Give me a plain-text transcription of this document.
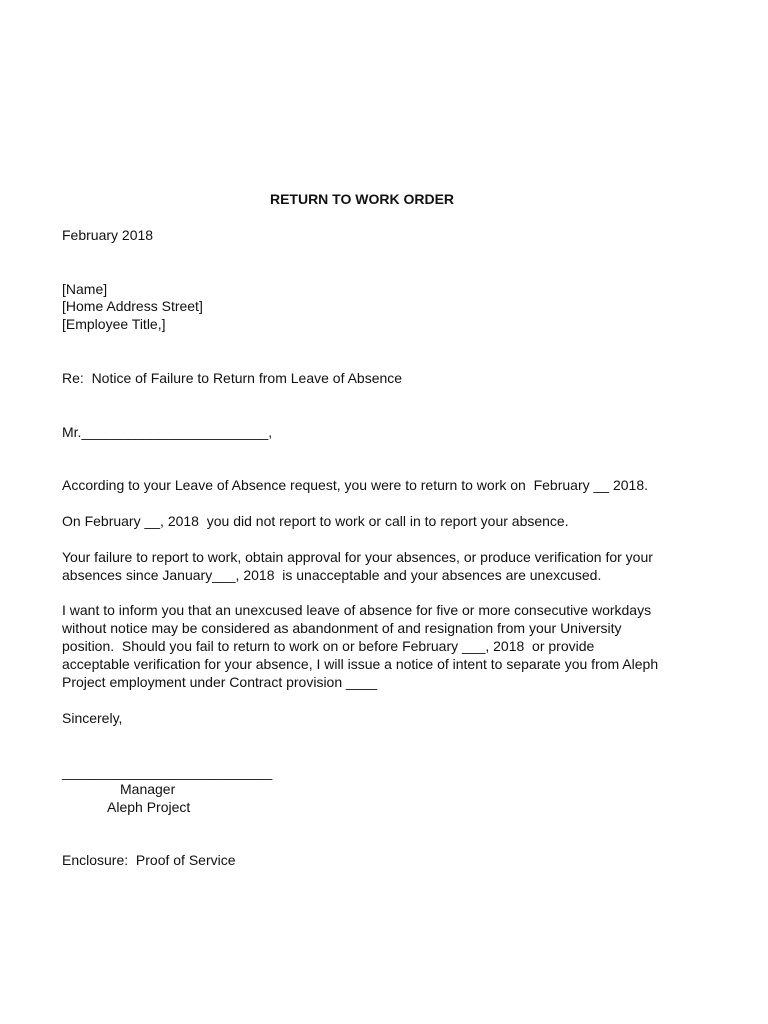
RETURN TO WORK ORDER
February 2018
[Name]
[Home Address Street]
[Employee Title,]
Re:  Notice of Failure to Return from Leave of Absence
Mr.________________________,
According to your Leave of Absence request, you were to return to work on  February __ 2018.
On February __, 2018  you did not report to work or call in to report your absence.
Your failure to report to work, obtain approval for your absences, or produce verification for your
absences since January___, 2018  is unacceptable and your absences are unexcused.
I want to inform you that an unexcused leave of absence for five or more consecutive workdays
without notice may be considered as abandonment of and resignation from your University
position.  Should you fail to return to work on or before February ___, 2018  or provide
acceptable verification for your absence, I will issue a notice of intent to separate you from Aleph
Project employment under Contract provision ____
Sincerely,
___________________________
Manager
Aleph Project
Enclosure:  Proof of Service
